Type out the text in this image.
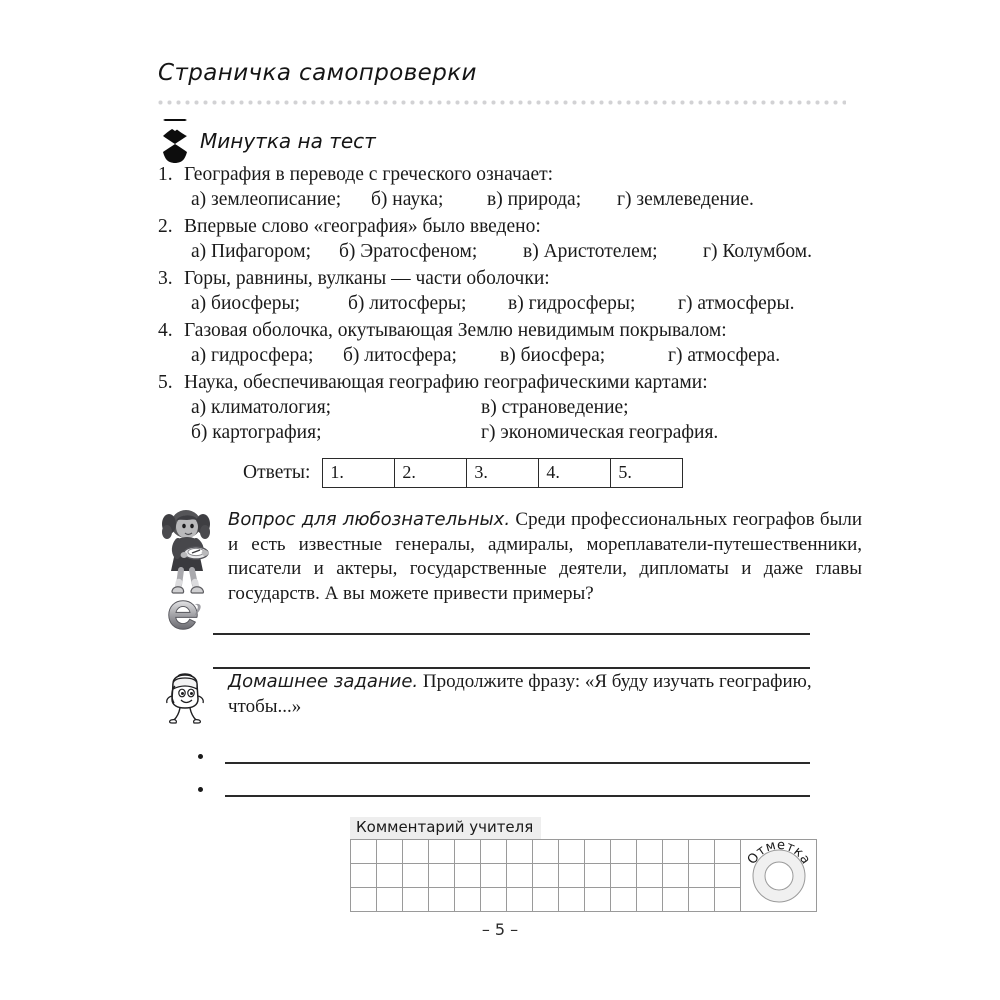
Страничка самопроверки
Минутка на тест
1. География в переводе с греческого означает:
а) землеописание;	б) наука;	в) природа;	г) землеведение.
2. Впервые слово «география» было введено:
а) Пифагором;	б) Эратосфеном;	в) Аристотелем;	г) Колумбом.
3. Горы, равнины, вулканы — части оболочки:
а) биосферы;	б) литосферы;	в) гидросферы;	г) атмосферы.
4. Газовая оболочка, окутывающая Землю невидимым покрывалом:
а) гидросфера;	б) литосфера;	в) биосфера;	г) атмосфера.
5. Наука, обеспечивающая географию географическими картами:
а) климатология;	в) страноведение;
б) картография;	г) экономическая география.
Ответы: 1.	2.	3.	4.	5.
Вопрос для любознательных. Среди профессиональных географов были и есть известные генералы, адмиралы, мореплаватели-путешественники, писатели и актеры, государственные деятели, дипломаты и даже главы государств. А вы можете привести примеры?
Домашнее задание. Продолжите фразу: «Я буду изучать географию, чтобы...»
Комментарий учителя

Отметка

– 5 –
